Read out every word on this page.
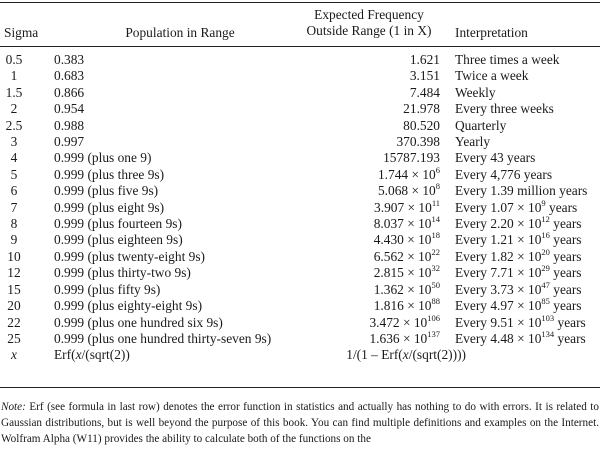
Sigma	Population in Range
Expected Frequency
Outside Range (1 in X)	Interpretation
0.5	0.383	1.621 Three times a week
1	0.683	3.151 Twice a week
1.5	0.866	7.484 Weekly
2	0.954	21.978 Every three weeks
2.5	0.988	80.520 Quarterly
3	0.997	370.398 Yearly
4	0.999 (plus one 9)	15787.193 Every 43 years
5	0.999 (plus three 9s)	$1.744 \times 10^6$ Every 4,776 years
6	0.999 (plus five 9s)	$5.068 \times 10^8$ Every 1.39 million years
7	0.999 (plus eight 9s)	$3.907 \times 10^{11}$ Every $1.07 \times 10^9$ years
8	0.999 (plus fourteen 9s)	$8.037 \times 10^{14}$ Every $2.20 \times 10^{12}$ years
9	0.999 (plus eighteen 9s)	$4.430 \times 10^{18}$ Every $1.21 \times 10^{16}$ years
10	0.999 (plus twenty-eight 9s)	$6.562 \times 10^{22}$ Every $1.82 \times 10^{20}$ years
12	0.999 (plus thirty-two 9s)	$2.815 \times 10^{32}$ Every $7.71 \times 10^{29}$ years
15	0.999 (plus fifty 9s)	$1.362 \times 10^{50}$ Every $3.73 \times 10^{47}$ years
20	0.999 (plus eighty-eight 9s)	$1.816 \times 10^{88}$ Every $4.97 \times 10^{85}$ years
22	0.999 (plus one hundred six 9s)	$3.472 \times 10^{106}$ Every $9.51 \times 10^{103}$ years
25	0.999 (plus one hundred thirty-seven 9s)	$1.636 \times 10^{137}$ Every $4.48 \times 10^{134}$ years
x	Erf(x/(sqrt(2))	1/(1 – Erf(x/(sqrt(2))))
Note: Erf (see formula in last row) denotes the error function in statistics and actually has nothing to do with errors. It is related to Gaussian distributions, but is well beyond the purpose of this book. You can find multiple definitions and examples on the Internet. Wolfram Alpha (W11) provides the ability to calculate both of the functions on the
